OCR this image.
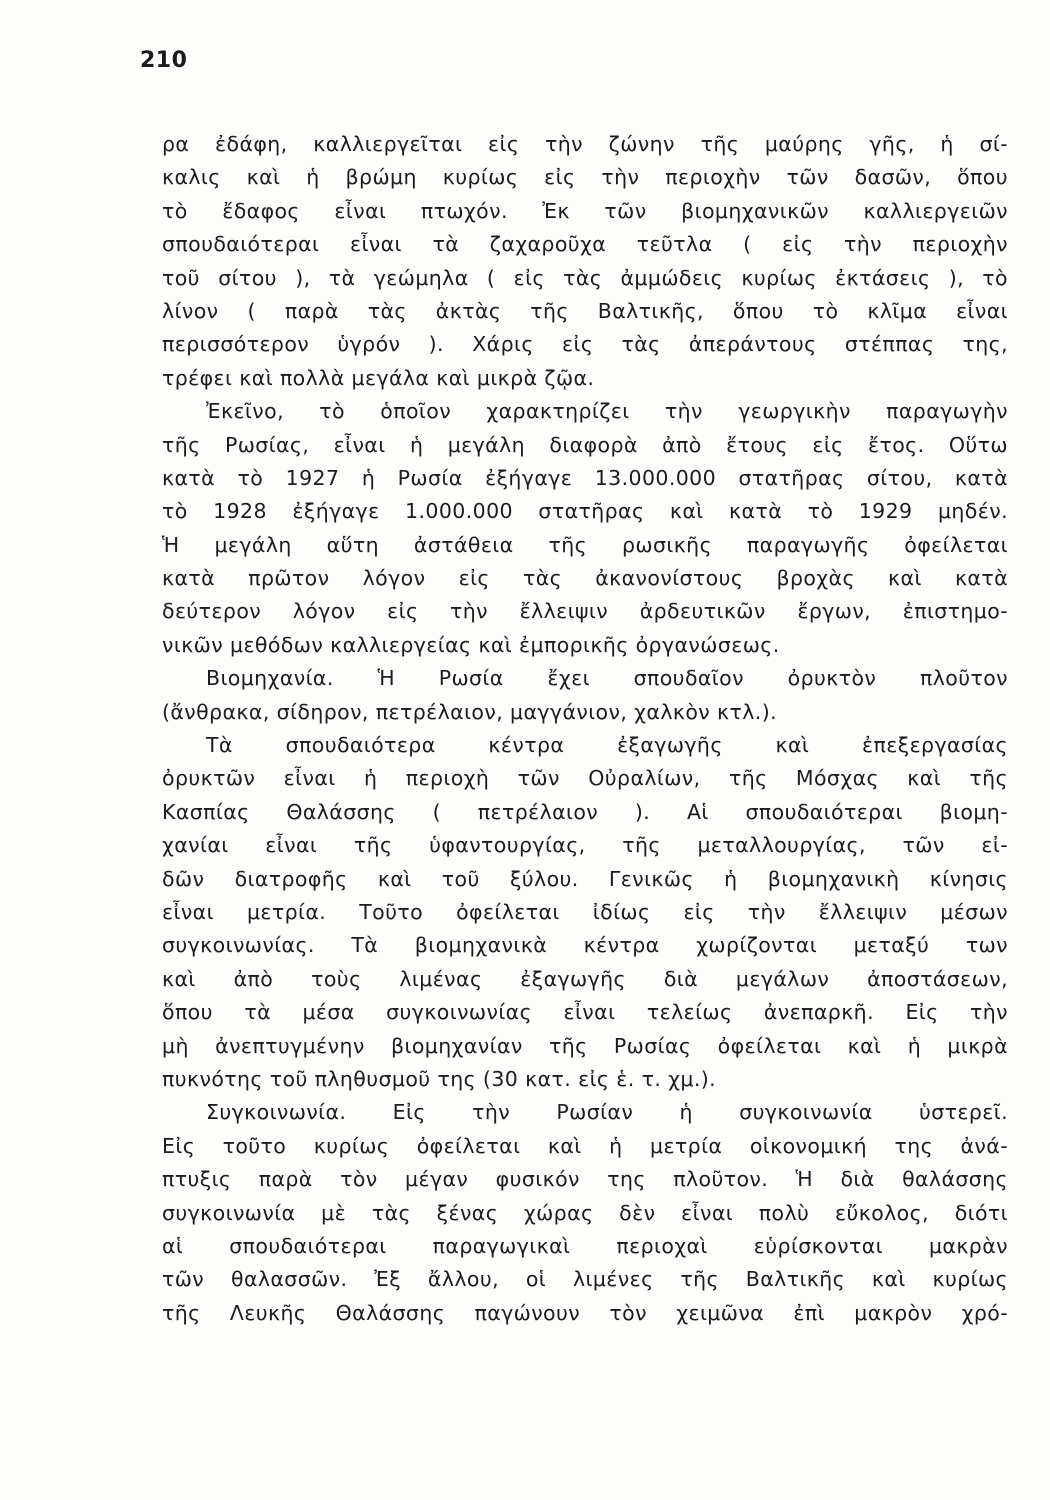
210
ρα ἐδάφη, καλλιεργεῖται εἰς τὴν ζώνην τῆς μαύρης γῆς, ἡ σί-
καλις καὶ ἡ βρώμη κυρίως εἰς τὴν περιοχὴν τῶν δασῶν, ὅπου
τὸ ἔδαφος εἶναι πτωχόν. Ἐκ τῶν βιομηχανικῶν καλλιεργειῶν
σπουδαιότεραι εἶναι τὰ ζαχαροῦχα τεῦτλα ( εἰς τὴν περιοχὴν
τοῦ σίτου ), τὰ γεώμηλα ( εἰς τὰς ἀμμώδεις κυρίως ἐκτάσεις ), τὸ
λίνον ( παρὰ τὰς ἀκτὰς τῆς Βαλτικῆς, ὅπου τὸ κλῖμα εἶναι
περισσότερον ὑγρόν ). Χάρις εἰς τὰς ἀπεράντους στέππας της,
τρέφει καὶ πολλὰ μεγάλα καὶ μικρὰ ζῷα.
Ἐκεῖνο, τὸ ὁποῖον χαρακτηρίζει τὴν γεωργικὴν παραγωγὴν
τῆς Ρωσίας, εἶναι ἡ μεγάλη διαφορὰ ἀπὸ ἔτους εἰς ἔτος. Οὕτω
κατὰ τὸ 1927 ἡ Ρωσία ἐξήγαγε 13.000.000 στατῆρας σίτου, κατὰ
τὸ 1928 ἐξήγαγε 1.000.000 στατῆρας καὶ κατὰ τὸ 1929 μηδέν.
Ἡ μεγάλη αὕτη ἀστάθεια τῆς ρωσικῆς παραγωγῆς ὀφείλεται
κατὰ πρῶτον λόγον εἰς τὰς ἀκανονίστους βροχὰς καὶ κατὰ
δεύτερον λόγον εἰς τὴν ἔλλειψιν ἀρδευτικῶν ἔργων, ἐπιστημο-
νικῶν μεθόδων καλλιεργείας καὶ ἐμπορικῆς ὀργανώσεως.
Βιομηχανία. Ἡ Ρωσία ἔχει σπουδαῖον ὀρυκτὸν πλοῦτον
(ἄνθρακα, σίδηρον, πετρέλαιον, μαγγάνιον, χαλκὸν κτλ.).
Τὰ σπουδαιότερα κέντρα ἐξαγωγῆς καὶ ἐπεξεργασίας
ὀρυκτῶν εἶναι ἡ περιοχὴ τῶν Οὐραλίων, τῆς Μόσχας καὶ τῆς
Κασπίας Θαλάσσης ( πετρέλαιον ). Αἱ σπουδαιότεραι βιομη-
χανίαι εἶναι τῆς ὑφαντουργίας, τῆς μεταλλουργίας, τῶν εἰ-
δῶν διατροφῆς καὶ τοῦ ξύλου. Γενικῶς ἡ βιομηχανικὴ κίνησις
εἶναι μετρία. Τοῦτο ὀφείλεται ἰδίως εἰς τὴν ἔλλειψιν μέσων
συγκοινωνίας. Τὰ βιομηχανικὰ κέντρα χωρίζονται μεταξύ των
καὶ ἀπὸ τοὺς λιμένας ἐξαγωγῆς διὰ μεγάλων ἀποστάσεων,
ὅπου τὰ μέσα συγκοινωνίας εἶναι τελείως ἀνεπαρκῆ. Εἰς τὴν
μὴ ἀνεπτυγμένην βιομηχανίαν τῆς Ρωσίας ὀφείλεται καὶ ἡ μικρὰ
πυκνότης τοῦ πληθυσμοῦ της (30 κατ. εἰς ἑ. τ. χμ.).
Συγκοινωνία. Εἰς τὴν Ρωσίαν ἡ συγκοινωνία ὑστερεῖ.
Εἰς τοῦτο κυρίως ὀφείλεται καὶ ἡ μετρία οἰκονομική της ἀνά-
πτυξις παρὰ τὸν μέγαν φυσικόν της πλοῦτον. Ἡ διὰ θαλάσσης
συγκοινωνία μὲ τὰς ξένας χώρας δὲν εἶναι πολὺ εὔκολος, διότι
αἱ σπουδαιότεραι παραγωγικαὶ περιοχαὶ εὑρίσκονται μακρὰν
τῶν θαλασσῶν. Ἐξ ἄλλου, οἱ λιμένες τῆς Βαλτικῆς καὶ κυρίως
τῆς Λευκῆς Θαλάσσης παγώνουν τὸν χειμῶνα ἐπὶ μακρὸν χρό-
